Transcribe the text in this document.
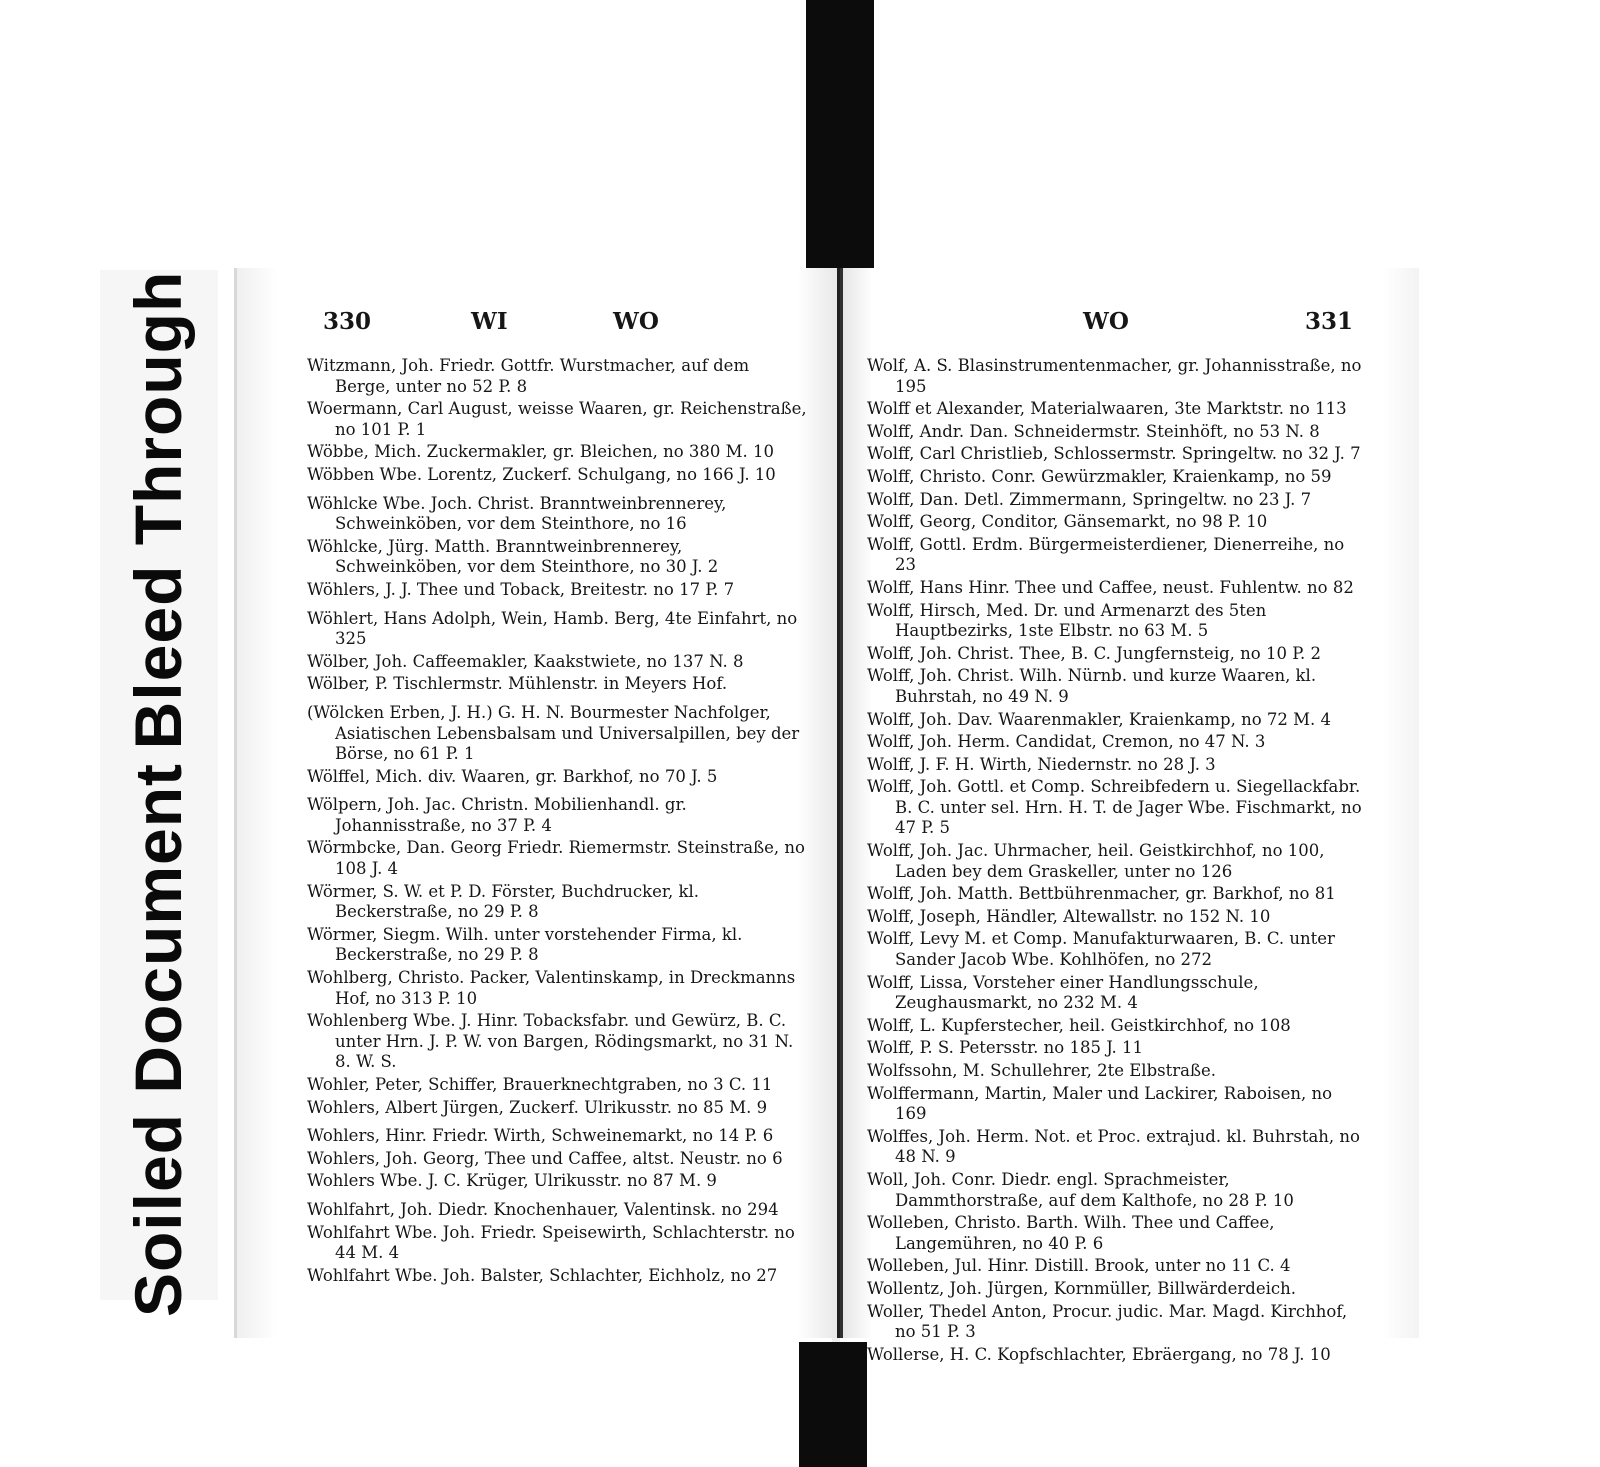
Soiled Document
Bleed Through	330	WI	WO
Witzmann, Joh. Friedr. Gottfr. Wurstmacher, auf dem Berge, unter no 52 P. 8
Woermann, Carl August, weisse Waaren, gr. Reichenstraße, no 101 P. 1
Wöbbe, Mich. Zuckermakler, gr. Bleichen, no 380 M. 10
Wöbben Wbe. Lorentz, Zuckerf. Schulgang, no 166 J. 10
Wöhlcke Wbe. Joch. Christ. Branntweinbrennerey, Schweinköben, vor dem Steinthore, no 16
Wöhlcke, Jürg. Matth. Branntweinbrennerey, Schweinköben, vor dem Steinthore, no 30 J. 2
Wöhlers, J. J. Thee und Toback, Breitestr. no 17 P. 7
Wöhlert, Hans Adolph, Wein, Hamb. Berg, 4te Einfahrt, no 325
Wölber, Joh. Caffeemakler, Kaakstwiete, no 137 N. 8
Wölber, P. Tischlermstr. Mühlenstr. in Meyers Hof.
(Wölcken Erben, J. H.) G. H. N. Bourmester Nachfolger, Asiatischen Lebensbalsam und Universalpillen, bey der Börse, no 61 P. 1
Wölffel, Mich. div. Waaren, gr. Barkhof, no 70 J. 5
Wölpern, Joh. Jac. Christn. Mobilienhandl. gr. Johannisstraße, no 37 P. 4
Wörmbcke, Dan. Georg Friedr. Riemermstr. Steinstraße, no 108 J. 4
Wörmer, S. W. et P. D. Förster, Buchdrucker, kl. Beckerstraße, no 29 P. 8
Wörmer, Siegm. Wilh. unter vorstehender Firma, kl. Beckerstraße, no 29 P. 8
Wohlberg, Christo. Packer, Valentinskamp, in Dreckmanns Hof, no 313 P. 10
Wohlenberg Wbe. J. Hinr. Tobacksfabr. und Gewürz, B. C. unter Hrn. J. P. W. von Bargen, Rödingsmarkt, no 31 N. 8. W. S.
Wohler, Peter, Schiffer, Brauerknechtgraben, no 3 C. 11
Wohlers, Albert Jürgen, Zuckerf. Ulrikusstr. no 85 M. 9
Wohlers, Hinr. Friedr. Wirth, Schweinemarkt, no 14 P. 6
Wohlers, Joh. Georg, Thee und Caffee, altst. Neustr. no 6
Wohlers Wbe. J. C. Krüger, Ulrikusstr. no 87 M. 9
Wohlfahrt, Joh. Diedr. Knochenhauer, Valentinsk. no 294
Wohlfahrt Wbe. Joh. Friedr. Speisewirth, Schlachterstr. no 44 M. 4
Wohlfahrt Wbe. Joh. Balster, Schlachter, Eichholz, no 27
WO	331
Wolf, A. S. Blasinstrumentenmacher, gr. Johannisstraße, no 195
Wolff et Alexander, Materialwaaren, 3te Marktstr. no 113
Wolff, Andr. Dan. Schneidermstr. Steinhöft, no 53 N. 8
Wolff, Carl Christlieb, Schlossermstr. Springeltw. no 32 J. 7
Wolff, Christo. Conr. Gewürzmakler, Kraienkamp, no 59
Wolff, Dan. Detl. Zimmermann, Springeltw. no 23 J. 7
Wolff, Georg, Conditor, Gänsemarkt, no 98 P. 10
Wolff, Gottl. Erdm. Bürgermeisterdiener, Dienerreihe, no 23
Wolff, Hans Hinr. Thee und Caffee, neust. Fuhlentw. no 82
Wolff, Hirsch, Med. Dr. und Armenarzt des 5ten Hauptbezirks, 1ste Elbstr. no 63 M. 5
Wolff, Joh. Christ. Thee, B. C. Jungfernsteig, no 10 P. 2
Wolff, Joh. Christ. Wilh. Nürnb. und kurze Waaren, kl. Buhrstah, no 49 N. 9
Wolff, Joh. Dav. Waarenmakler, Kraienkamp, no 72 M. 4
Wolff, Joh. Herm. Candidat, Cremon, no 47 N. 3
Wolff, J. F. H. Wirth, Niedernstr. no 28 J. 3
Wolff, Joh. Gottl. et Comp. Schreibfedern u. Siegellackfabr. B. C. unter sel. Hrn. H. T. de Jager Wbe. Fischmarkt, no 47 P. 5
Wolff, Joh. Jac. Uhrmacher, heil. Geistkirchhof, no 100, Laden bey dem Graskeller, unter no 126
Wolff, Joh. Matth. Bettbührenmacher, gr. Barkhof, no 81
Wolff, Joseph, Händler, Altewallstr. no 152 N. 10
Wolff, Levy M. et Comp. Manufakturwaaren, B. C. unter Sander Jacob Wbe. Kohlhöfen, no 272
Wolff, Lissa, Vorsteher einer Handlungsschule, Zeughausmarkt, no 232 M. 4
Wolff, L. Kupferstecher, heil. Geistkirchhof, no 108
Wolff, P. S. Petersstr. no 185 J. 11
Wolfssohn, M. Schullehrer, 2te Elbstraße.
Wolffermann, Martin, Maler und Lackirer, Raboisen, no 169
Wolffes, Joh. Herm. Not. et Proc. extrajud. kl. Buhrstah, no 48 N. 9
Woll, Joh. Conr. Diedr. engl. Sprachmeister, Dammthorstraße, auf dem Kalthofe, no 28 P. 10
Wolleben, Christo. Barth. Wilh. Thee und Caffee, Langemühren, no 40 P. 6
Wolleben, Jul. Hinr. Distill. Brook, unter no 11 C. 4
Wollentz, Joh. Jürgen, Kornmüller, Billwärderdeich.
Woller, Thedel Anton, Procur. judic. Mar. Magd. Kirchhof, no 51 P. 3
Wollerse, H. C. Kopfschlachter, Ebräergang, no 78 J. 10
